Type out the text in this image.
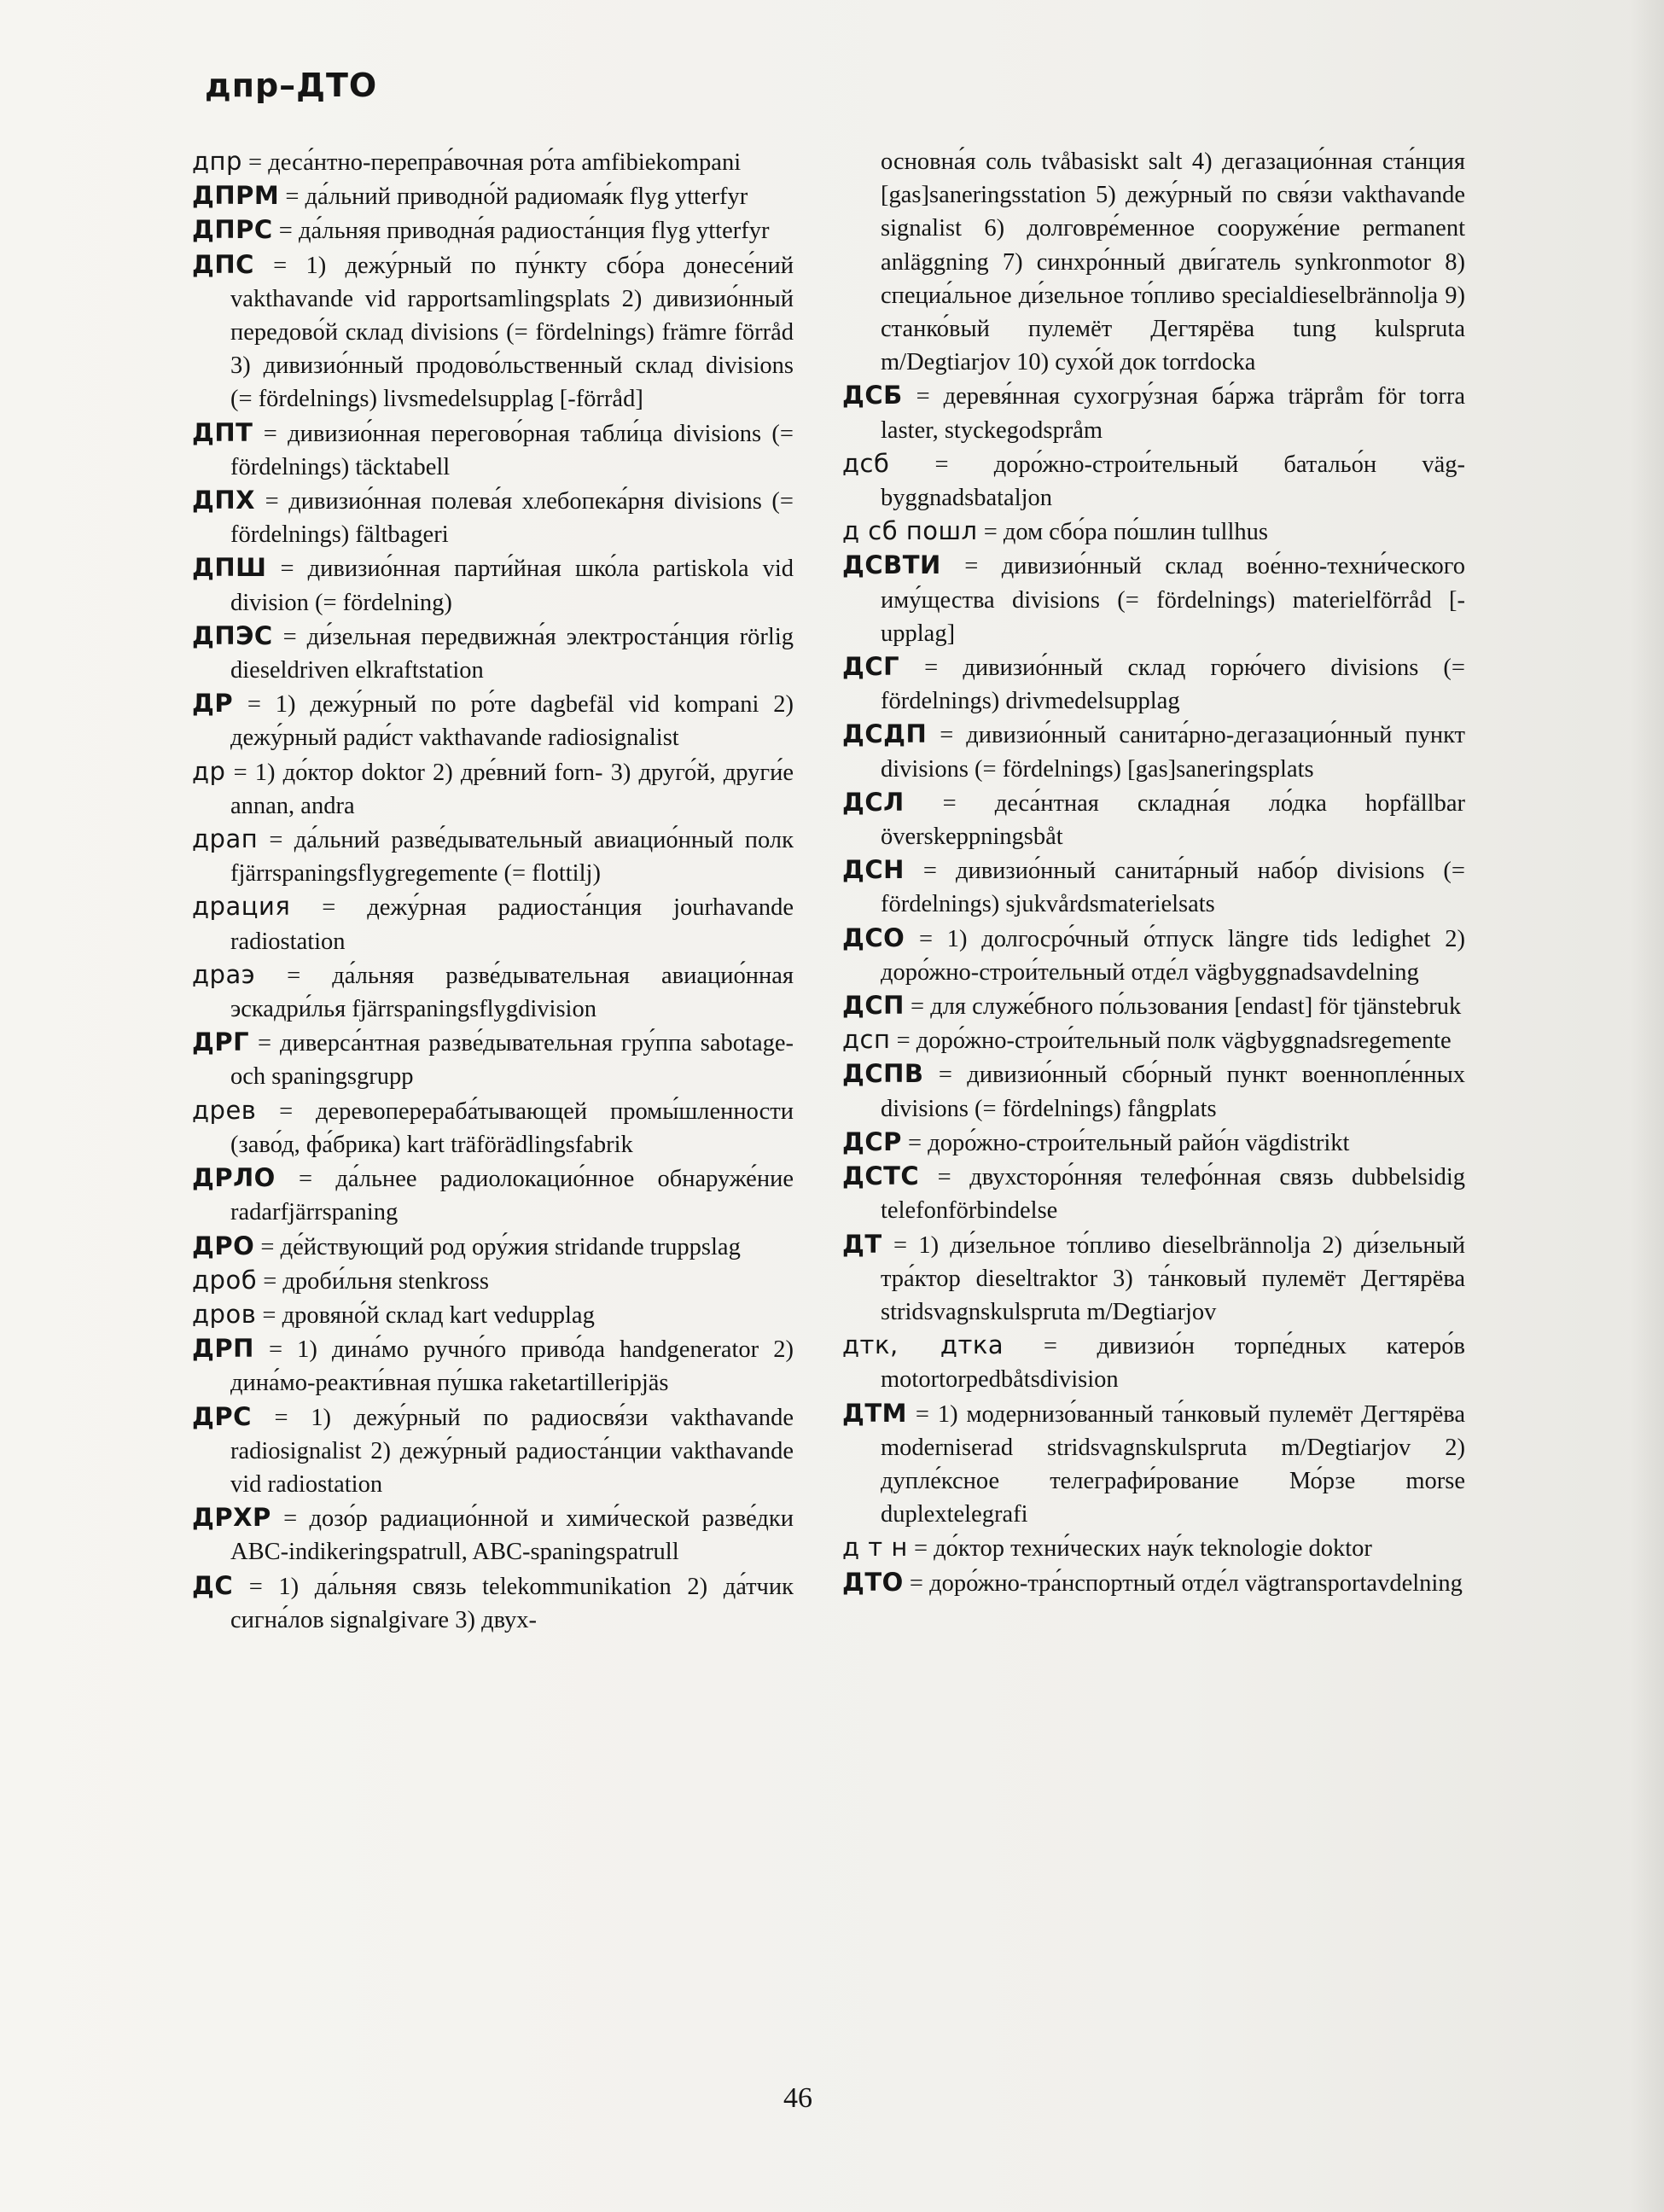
дпр–ДТО

дпр = деса́нтно-перепра́вочная ро́та amfibiekompani

ДПРМ = да́льний приводно́й радиомая́к flyg ytterfyr

ДПРС = да́льняя приводна́я радиоста́нция flyg ytterfyr

ДПС = 1) дежу́рный по пу́нкту сбо́ра донесе́ний vakthavande vid rapportsamlingsplats 2) дивизио́нный передово́й склад divisions (= fördelnings) främre förråd 3) дивизио́нный продово́льственный склад divisions (= fördelnings) livsmedelsupplag [-förråd]

ДПТ = дивизио́нная перегово́рная табли́ца divisions (= fördelnings) täcktabell

ДПХ = дивизио́нная полева́я хлебопека́рня divisions (= fördelnings) fältbageri

ДПШ = дивизио́нная парти́йная шко́ла partiskola vid division (= fördelning)

ДПЭС = ди́зельная передвижна́я электроста́нция rörlig dieseldriven elkraftstation

ДР = 1) дежу́рный по ро́те dagbefäl vid kompani 2) дежу́рный ради́ст vakthavande radiosignalist

др = 1) до́ктор doktor 2) дре́вний forn- 3) друго́й, други́е annan, andra

драп = да́льний разве́дывательный авиацио́нный полк fjärrspaningsflygregemente (= flottilj)

драция = дежу́рная радиоста́нция jourhavande radiostation

драэ = да́льняя разве́дывательная авиацио́нная эскадри́лья fjärrspaningsflygdivision

ДРГ = диверса́нтная разве́дывательная гру́ппа sabotage- och spaningsgrupp

древ = деревоперераба́тывающей промы́шленности (заво́д, фа́брика) kart träförädlingsfabrik

ДРЛО = да́льнее радиолокацио́нное обнаруже́ние radarfjärrspaning

ДРО = де́йствующий род ору́жия stridande truppslag

дроб = дроби́льня stenkross

дров = дровяно́й склад kart vedupplag

ДРП = 1) дина́мо ручно́го приво́да handgenerator 2) дина́мо-реакти́вная пу́шка raketartilleripjäs

ДРС = 1) дежу́рный по радиосвя́зи vakthavande radiosignalist 2) дежу́рный радиоста́нции vakthavande vid radiostation

ДРХР = дозо́р радиацио́нной и хими́ческой разве́дки ABC-indikeringspatrull, ABC-spaningspatrull

ДС = 1) да́льняя связь telekommunikation 2) да́тчик сигна́лов signalgivare 3) двух-

основна́я соль tvåbasiskt salt 4) дегазацио́нная ста́нция [gas]saneringsstation 5) дежу́рный по свя́зи vakthavande signalist 6) долговре́менное сооруже́ние permanent anläggning 7) синхро́нный дви́гатель synkronmotor 8) специа́льное ди́зельное то́пливо specialdieselbrännolja 9) станко́вый пулемёт Дегтярёва tung kulspruta m/Degtiarjov 10) сухо́й док torrdocka

ДСБ = деревя́нная сухогру́зная ба́ржа träpråm för torra laster, styckegodspråm

дсб = доро́жно-строи́тельный батальо́н vägbyggnadsbataljon

д сб пошл = дом сбо́ра по́шлин tullhus

ДСВТИ = дивизио́нный склад вое́нно-техни́ческого иму́щества divisions (= fördelnings) materielförråd [-upplag]

ДСГ = дивизио́нный склад горю́чего divisions (= fördelnings) drivmedelsupplag

ДСДП = дивизио́нный санита́рно-дегазацио́нный пункт divisions (= fördelnings) [gas]saneringsplats

ДСЛ = деса́нтная складна́я ло́дка hopfällbar överskeppningsbåt

ДСН = дивизио́нный санита́рный набо́р divisions (= fördelnings) sjukvårdsmaterielsats

ДСО = 1) долгосро́чный о́тпуск längre tids ledighet 2) доро́жно-строи́тельный отде́л vägbyggnadsavdelning

ДСП = для служе́бного по́льзования [endast] för tjänstebruk

дсп = доро́жно-строи́тельный полк vägbyggnadsregemente

ДСПВ = дивизио́нный сбо́рный пункт военнопле́нных divisions (= fördelnings) fångplats

ДСР = доро́жно-строи́тельный райо́н vägdistrikt

ДСТС = двухсторо́нняя телефо́нная связь dubbelsidig telefonförbindelse

ДТ = 1) ди́зельное то́пливо dieselbrännolja 2) ди́зельный тра́ктор dieseltraktor 3) та́нковый пулемёт Дегтярёва stridsvagnskulspruta m/Degtiarjov

дтк, дтка = дивизио́н торпе́дных катеро́в motortorpedbåtsdivision

ДТМ = 1) модернизо́ванный та́нковый пулемёт Дегтярёва moderniserad stridsvagnskulspruta m/Degtiarjov 2) дупле́ксное телеграфи́рование Мо́рзе morse duplextelegrafi

д т н = до́ктор техни́ческих нау́к teknologie doktor

ДТО = доро́жно-тра́нспортный отде́л vägtransportavdelning

46
